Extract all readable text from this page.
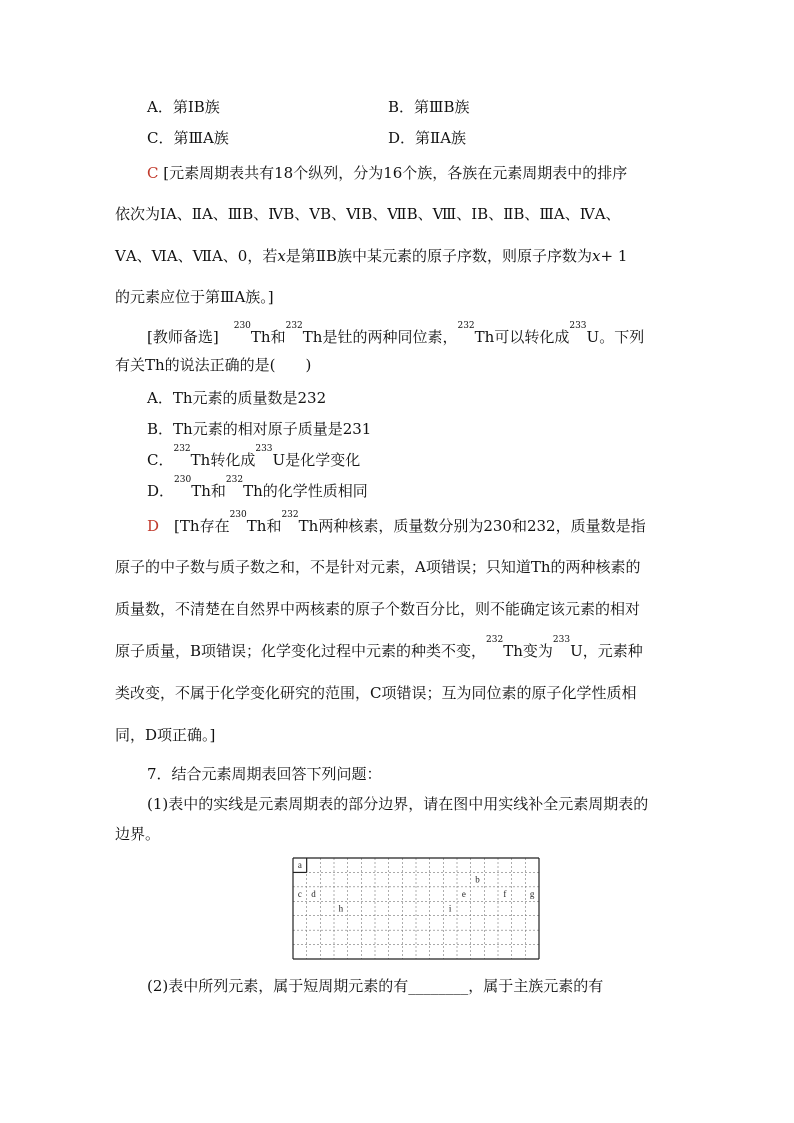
A．第ⅠB族	B．第ⅢB族
C．第ⅢA族	D．第ⅡA族
C [元素周期表共有18个纵列，分为16个族，各族在元素周期表中的排序
依次为ⅠA、ⅡA、ⅢB、ⅣB、ⅤB、ⅥB、ⅦB、Ⅷ、ⅠB、ⅡB、ⅢA、ⅣA、
ⅤA、ⅥA、ⅦA、0，若x是第ⅡB族中某元素的原子序数，则原子序数为x+ 1
的元素应位于第ⅢA族。]
[教师备选]　$^{230}$Th和$^{232}$Th是钍的两种同位素，$^{232}$Th可以转化成$^{233}$U。下列
有关Th的说法正确的是(　　)
A．Th元素的质量数是232
B．Th元素的相对原子质量是231
C．$^{232}$Th转化成$^{233}$U是化学变化
D．$^{230}$Th和$^{232}$Th的化学性质相同
D　 [Th存在$^{230}$Th和$^{232}$Th两种核素，质量数分别为230和232，质量数是指
原子的中子数与质子数之和，不是针对元素，A项错误；只知道Th的两种核素的
质量数，不清楚在自然界中两核素的原子个数百分比，则不能确定该元素的相对
原子质量，B项错误；化学变化过程中元素的种类不变，$^{232}$Th变为$^{233}$U，元素种
类改变，不属于化学变化研究的范围，C项错误；互为同位素的原子化学性质相
同，D项正确。]
7．结合元素周期表回答下列问题：
(1)表中的实线是元素周期表的部分边界，请在图中用实线补全元素周期表的
边界。
a
b
c d	e	f	g
h	i
(2)表中所列元素，属于短周期元素的有________，属于主族元素的有
